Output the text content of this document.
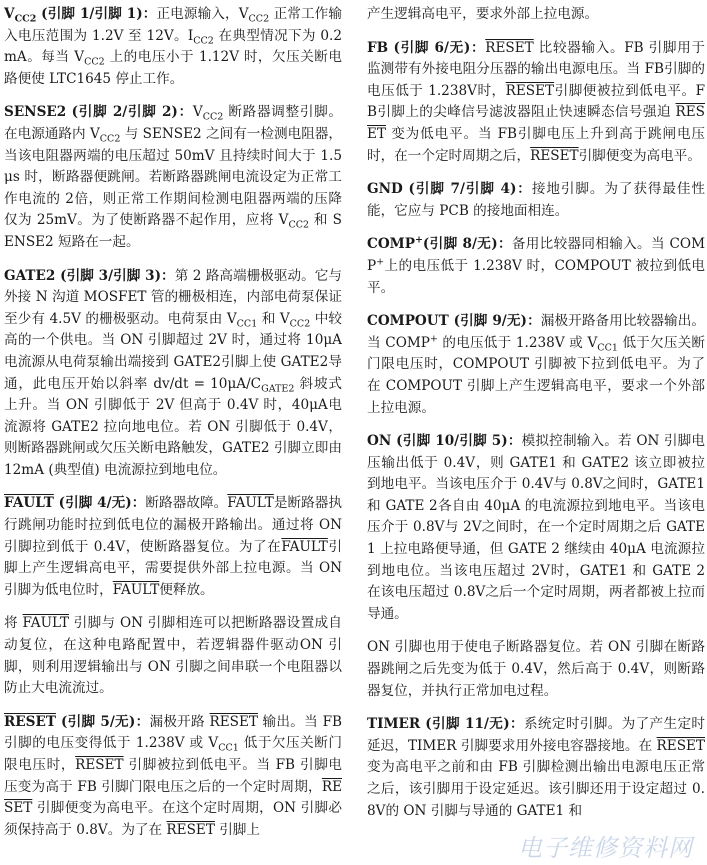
$V_{CC2}$ (引脚 1/引脚 1)：正电源输入，$V_{CC2}$ 正常工作输入电压范围为 1.2V 至 12V。$I_{CC2}$ 在典型情况下为 0.2mA。每当 $V_{CC2}$ 上的电压小于 1.12V 时，欠压关断电路便使 LTC1645 停止工作。

SENSE2 (引脚 2/引脚 2)：$V_{CC2}$ 断路器调整引脚。在电源通路内 $V_{CC2}$ 与 SENSE2 之间有一检测电阻器，当该电阻器两端的电压超过 50mV 且持续时间大于 1.5μs 时，断路器便跳闸。若断路器跳闸电流设定为正常工作电流的 2倍，则正常工作期间检测电阻器两端的压降仅为 25mV。为了使断路器不起作用，应将 $V_{CC2}$ 和 SENSE2 短路在一起。

GATE2 (引脚 3/引脚 3)：第 2 路高端栅极驱动。它与外接 N 沟道 MOSFET 管的栅极相连，内部电荷泵保证至少有 4.5V 的栅极驱动。电荷泵由 $V_{CC1}$ 和 $V_{CC2}$ 中较高的一个供电。当 ON 引脚超过 2V 时，通过将 10μA 电流源从电荷泵输出端接到 GATE2引脚上使 GATE2导通，此电压开始以斜率 $dv/dt = 10\mu A/C_{GATE2}$ 斜坡式上升。当 ON 引脚低于 2V 但高于 0.4V 时，40μA电流源将 GATE2 拉向地电位。若 ON 引脚低于 0.4V，则断路器跳闸或欠压关断电路触发，GATE2 引脚立即由 12mA (典型值) 电流源拉到地电位。

FAULT (引脚 4/无)：断路器故障。FAULT是断路器执行跳闸功能时拉到低电位的漏极开路输出。通过将 ON 引脚拉到低于 0.4V，使断路器复位。为了在FAULT引脚上产生逻辑高电平，需要提供外部上拉电源。当 ON 引脚为低电位时，FAULT便释放。

将 FAULT 引脚与 ON 引脚相连可以把断路器设置成自动复位，在这种电路配置中，若逻辑器件驱动ON 引脚，则利用逻辑输出与 ON 引脚之间串联一个电阻器以防止大电流流过。

RESET (引脚 5/无)：漏极开路 RESET 输出。当 FB 引脚的电压变得低于 1.238V 或 $V_{CC1}$ 低于欠压关断门限电压时，RESET 引脚被拉到低电平。当 FB 引脚电压变为高于 FB 引脚门限电压之后的一个定时周期，RESET 引脚便变为高电平。在这个定时周期，ON 引脚必须保持高于 0.8V。为了在 RESET 引脚上

产生逻辑高电平，要求外部上拉电源。

FB (引脚 6/无)：RESET 比较器输入。FB 引脚用于监测带有外接电阻分压器的输出电源电压。当 FB引脚的电压低于 1.238V时，RESET引脚便被拉到低电平。FB引脚上的尖峰信号滤波器阻止快速瞬态信号强迫 RESET 变为低电平。当 FB引脚电压上升到高于跳闸电压时，在一个定时周期之后，RESET引脚便变为高电平。

GND (引脚 7/引脚 4)：接地引脚。为了获得最佳性能，它应与 PCB 的接地面相连。

COMP+(引脚 8/无)：备用比较器同相输入。当 COMP+上的电压低于 1.238V 时，COMPOUT 被拉到低电平。

COMPOUT (引脚 9/无)：漏极开路备用比较器输出。当 COMP+ 的电压低于 1.238V 或 $V_{CC1}$ 低于欠压关断门限电压时，COMPOUT 引脚被下拉到低电平。为了在 COMPOUT 引脚上产生逻辑高电平，要求一个外部上拉电源。

ON (引脚 10/引脚 5)：模拟控制输入。若 ON 引脚电压输出低于 0.4V，则 GATE1 和 GATE2 该立即被拉到地电平。当该电压介于 0.4V与 0.8V之间时，GATE1 和 GATE 2各自由 40μA 的电流源拉到地电平。当该电压介于 0.8V与 2V之间时，在一个定时周期之后 GATE1 上拉电路便导通，但 GATE 2 继续由 40μA 电流源拉到地电位。当该电压超过 2V时，GATE1 和 GATE 2 在该电压超过 0.8V之后一个定时周期，两者都被上拉而导通。

ON 引脚也用于使电子断路器复位。若 ON 引脚在断路器跳闸之后先变为低于 0.4V，然后高于 0.4V，则断路器复位，并执行正常加电过程。

TIMER (引脚 11/无)：系统定时引脚。为了产生定时延迟，TIMER 引脚要求用外接电容器接地。在 RESET 变为高电平之前和由 FB 引脚检测出输出电源电压正常之后，该引脚用于设定延迟。该引脚还用于设定超过 0.8V的 ON 引脚与导通的 GATE1 和

电子维修资料网
